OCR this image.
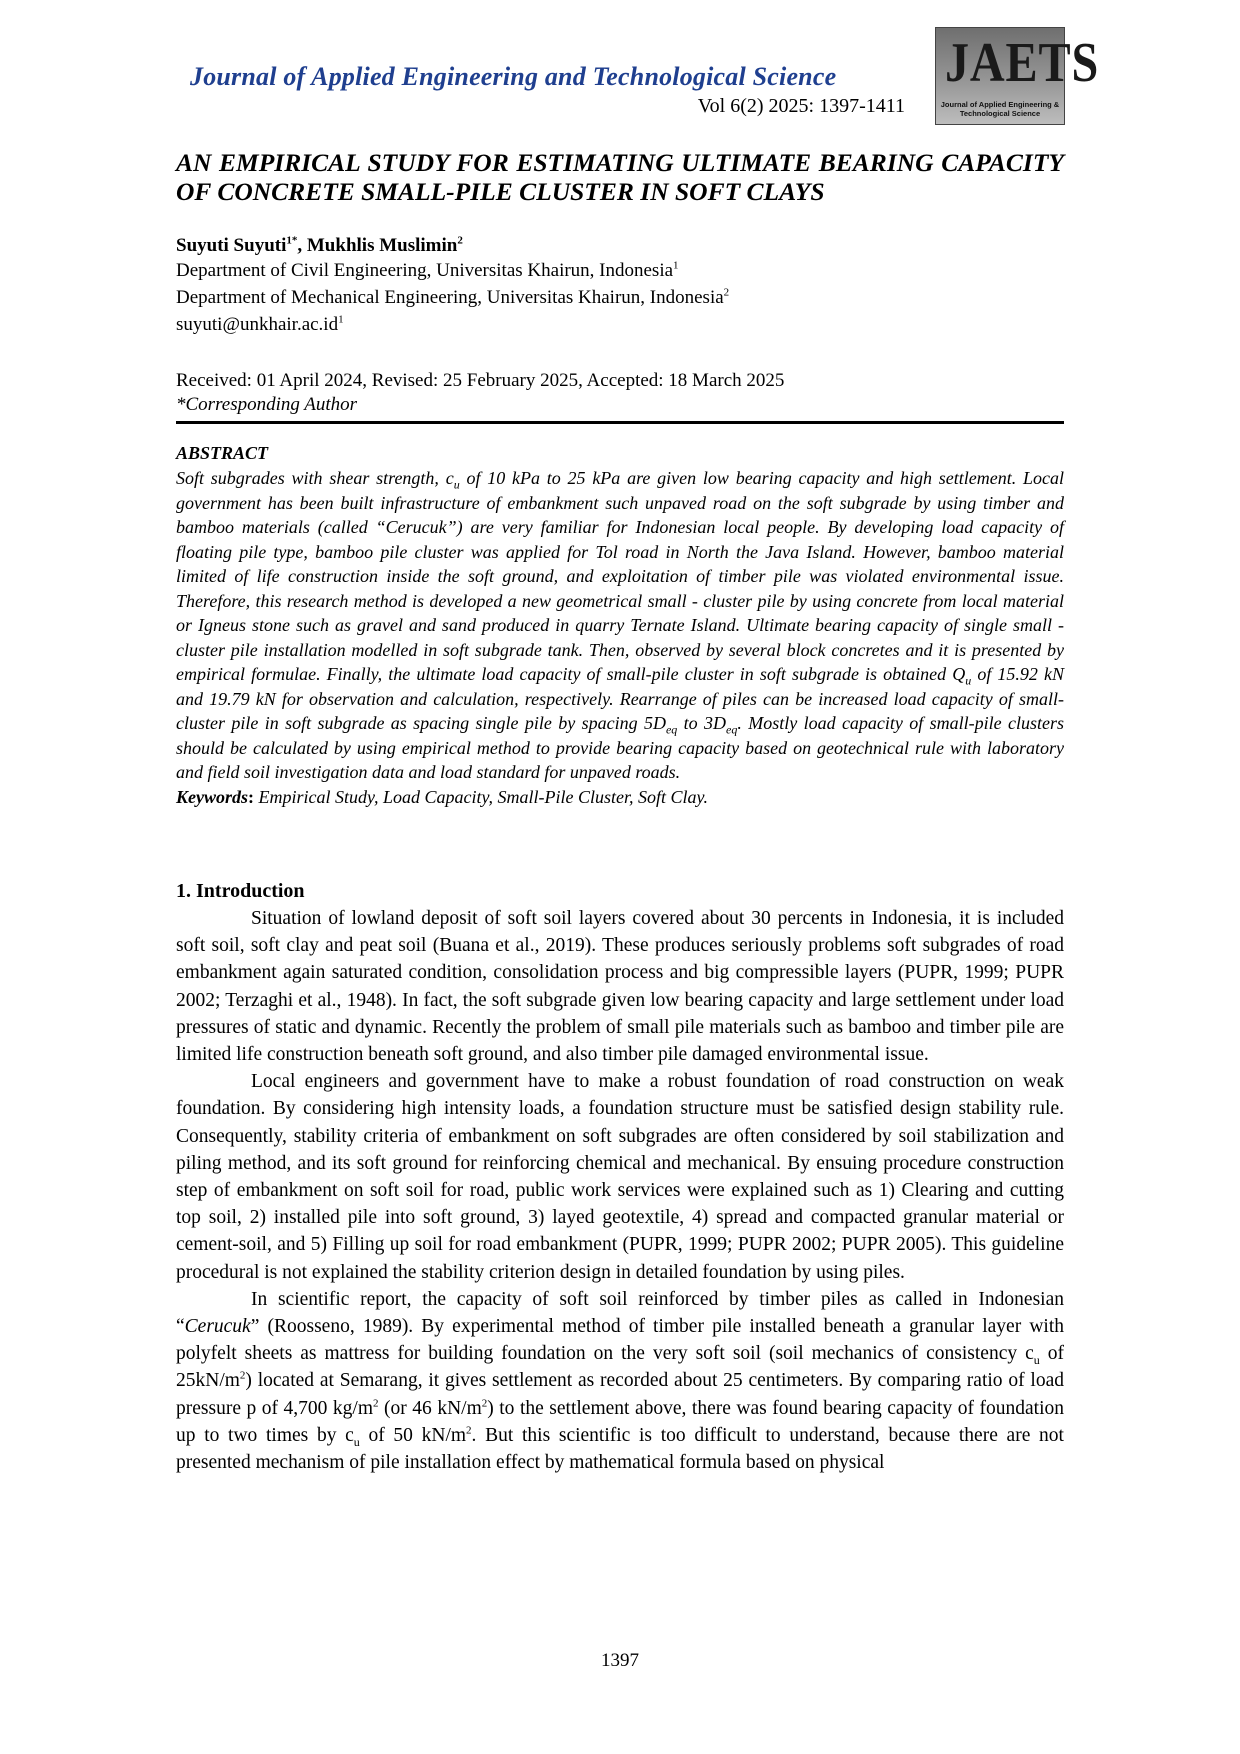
Journal of Applied Engineering and Technological Science
Vol 6(2) 2025: 1397-1411
JAETS
Journal of Applied Engineering & Technological Science
AN EMPIRICAL STUDY FOR ESTIMATING ULTIMATE BEARING CAPACITY OF CONCRETE SMALL-PILE CLUSTER IN SOFT CLAYS
Suyuti Suyuti$^{1*}$, Mukhlis Muslimin$^2$
Department of Civil Engineering, Universitas Khairun, Indonesia$^1$
Department of Mechanical Engineering, Universitas Khairun, Indonesia$^2$
$suyuti@unkhair.ac.id^1$
Received: 01 April 2024, Revised: 25 February 2025, Accepted: 18 March 2025
*Corresponding Author
ABSTRACT
Soft subgrades with shear strength, $c_u$ of 10 kPa to 25 kPa are given low bearing capacity and high settlement. Local government has been built infrastructure of embankment such unpaved road on the soft subgrade by using timber and bamboo materials (called “Cerucuk”) are very familiar for Indonesian local people. By developing load capacity of floating pile type, bamboo pile cluster was applied for Tol road in North the Java Island. However, bamboo material limited of life construction inside the soft ground, and exploitation of timber pile was violated environmental issue. Therefore, this research method is developed a new geometrical small - cluster pile by using concrete from local material or Igneus stone such as gravel and sand produced in quarry Ternate Island. Ultimate bearing capacity of single small - cluster pile installation modelled in soft subgrade tank. Then, observed by several block concretes and it is presented by empirical formulae. Finally, the ultimate load capacity of small-pile cluster in soft subgrade is obtained $Q_u$ of 15.92 kN and 19.79 kN for observation and calculation, respectively. Rearrange of piles can be increased load capacity of small-cluster pile in soft subgrade as spacing single pile by spacing $5D_{eq}$ to $3D_{eq}$. Mostly load capacity of small-pile clusters should be calculated by using empirical method to provide bearing capacity based on geotechnical rule with laboratory and field soil investigation data and load standard for unpaved roads.
Keywords: Empirical Study, Load Capacity, Small-Pile Cluster, Soft Clay.
1. Introduction

Situation of lowland deposit of soft soil layers covered about 30 percents in Indonesia, it is included soft soil, soft clay and peat soil (Buana et al., 2019). These produces seriously problems soft subgrades of road embankment again saturated condition, consolidation process and big compressible layers (PUPR, 1999; PUPR 2002; Terzaghi et al., 1948). In fact, the soft subgrade given low bearing capacity and large settlement under load pressures of static and dynamic. Recently the problem of small pile materials such as bamboo and timber pile are limited life construction beneath soft ground, and also timber pile damaged environmental issue.

Local engineers and government have to make a robust foundation of road construction on weak foundation. By considering high intensity loads, a foundation structure must be satisfied design stability rule. Consequently, stability criteria of embankment on soft subgrades are often considered by soil stabilization and piling method, and its soft ground for reinforcing chemical and mechanical. By ensuing procedure construction step of embankment on soft soil for road, public work services were explained such as 1) Clearing and cutting top soil, 2) installed pile into soft ground, 3) layed geotextile, 4) spread and compacted granular material or cement-soil, and 5) Filling up soil for road embankment (PUPR, 1999; PUPR 2002; PUPR 2005). This guideline procedural is not explained the stability criterion design in detailed foundation by using piles.

In scientific report, the capacity of soft soil reinforced by timber piles as called in Indonesian “Cerucuk” (Roosseno, 1989). By experimental method of timber pile installed beneath a granular layer with polyfelt sheets as mattress for building foundation on the very soft soil (soil mechanics of consistency $c_u$ of $25kN/m^2$) located at Semarang, it gives settlement as recorded about 25 centimeters. By comparing ratio of load pressure p of 4,700 $kg/m^2$ (or 46 $kN/m^2$) to the settlement above, there was found bearing capacity of foundation up to two times by $c_u$ of 50 $kN/m^2$. But this scientific is too difficult to understand, because there are not presented mechanism of pile installation effect by mathematical formula based on physical

1397
